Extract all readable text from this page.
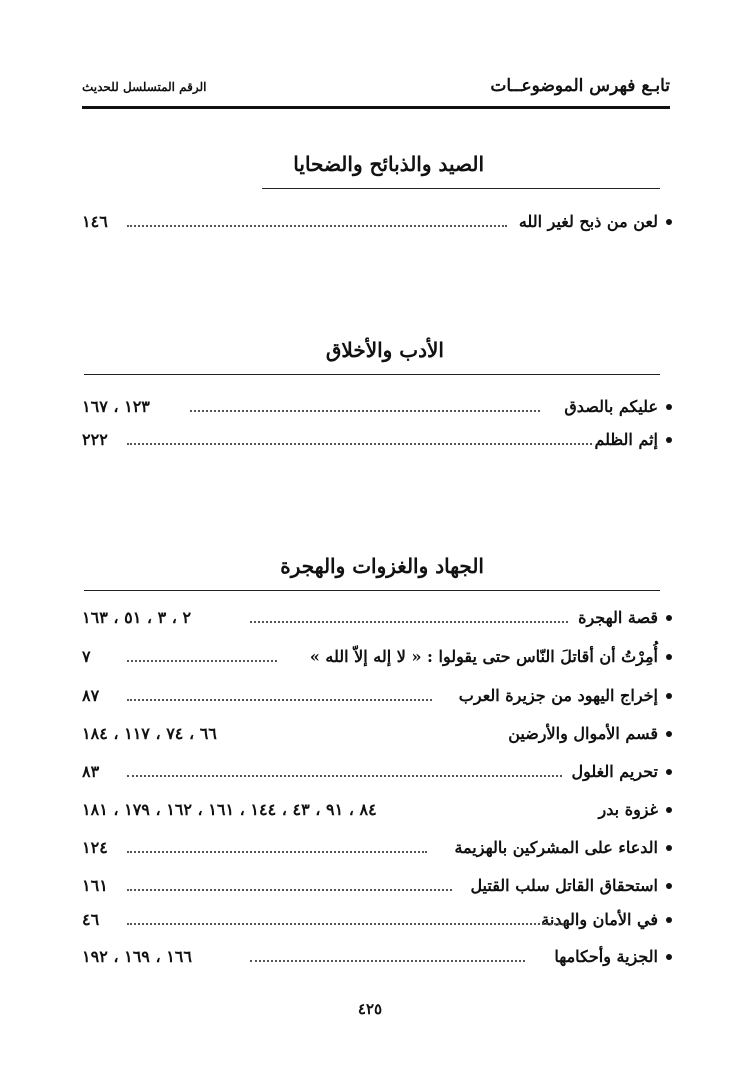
تابـع فهرس الموضوعــات
الرقم المتسلسل للحديث
الصيد والذبائح والضحايا
لعن من ذبح لغير الله
١٤٦
الأدب والأخلاق
عليكم بالصدق
١٢٣ ، ١٦٧
إثم الظلم
٢٢٢
الجهاد والغزوات والهجرة
قصة الهجرة
٢ ، ٣ ، ٥١ ، ١٦٣
أُمِرْتُ أن أقاتلَ النّاس حتى يقولوا : « لا إله إلاّ الله »
٧
إخراج اليهود من جزيرة العرب
٨٧
قسم الأموال والأرضين
٦٦ ، ٧٤ ، ١١٧ ، ١٨٤
تحريم الغلول
٨٣
غزوة بدر
٨٤ ، ٩١ ، ٤٣ ، ١٤٤ ، ١٦١ ، ١٦٢ ، ١٧٩ ، ١٨١
الدعاء على المشركين بالهزيمة
١٢٤
استحقاق القاتل سلب القتيل
١٦١
في الأمان والهدنة
٤٦
الجزية وأحكامها
١٦٦ ، ١٦٩ ، ١٩٢
٤٢٥
